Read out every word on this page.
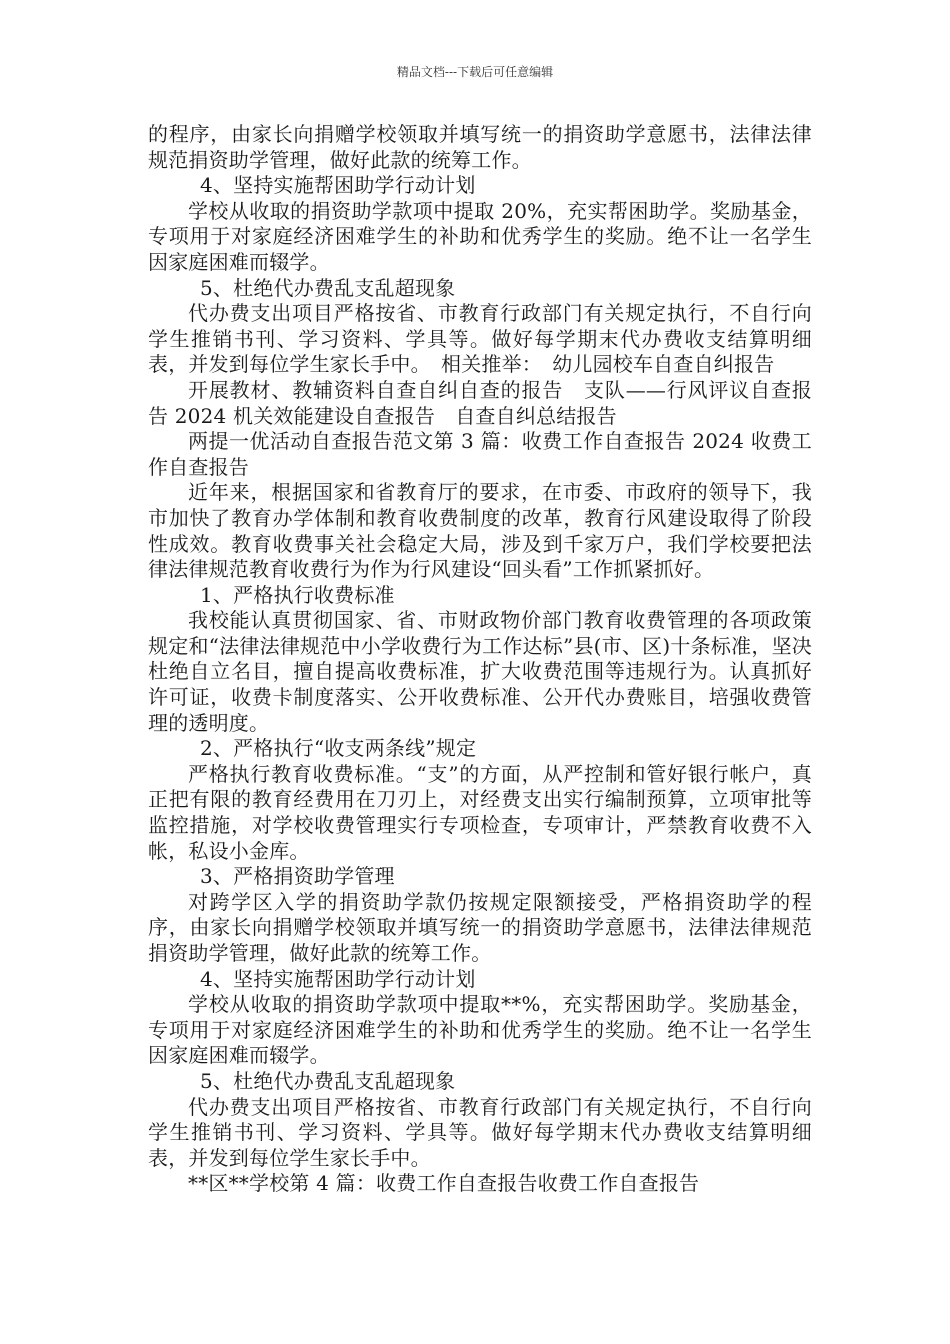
精品文档---下载后可任意编辑

的程序，由家长向捐赠学校领取并填写统一的捐资助学意愿书，法律法律规范捐资助学管理，做好此款的统筹工作。

4、坚持实施帮困助学行动计划

学校从收取的捐资助学款项中提取 20%，充实帮困助学。奖励基金，专项用于对家庭经济困难学生的补助和优秀学生的奖励。绝不让一名学生因家庭困难而辍学。

5、杜绝代办费乱支乱超现象

代办费支出项目严格按省、市教育行政部门有关规定执行，不自行向学生推销书刊、学习资料、学具等。做好每学期末代办费收支结算明细表，并发到每位学生家长手中。　相关推举：　幼儿园校车自查自纠报告

开展教材、教辅资料自查自纠自查的报告　支队——行风评议自查报告 2024 机关效能建设自查报告　自查自纠总结报告

两提一优活动自查报告范文第 3 篇：收费工作自查报告 2024 收费工作自查报告

近年来，根据国家和省教育厅的要求，在市委、市政府的领导下，我市加快了教育办学体制和教育收费制度的改革，教育行风建设取得了阶段性成效。教育收费事关社会稳定大局，涉及到千家万户，我们学校要把法律法律规范教育收费行为作为行风建设“回头看”工作抓紧抓好。

1、严格执行收费标准

我校能认真贯彻国家、省、市财政物价部门教育收费管理的各项政策规定和“法律法律规范中小学收费行为工作达标”县(市、区)十条标准，坚决杜绝自立名目，擅自提高收费标准，扩大收费范围等违规行为。认真抓好许可证，收费卡制度落实、公开收费标准、公开代办费账目，培强收费管理的透明度。

2、严格执行“收支两条线”规定

严格执行教育收费标准。“支”的方面，从严控制和管好银行帐户，真正把有限的教育经费用在刀刃上，对经费支出实行编制预算，立项审批等监控措施，对学校收费管理实行专项检查，专项审计，严禁教育收费不入帐，私设小金库。

3、严格捐资助学管理

对跨学区入学的捐资助学款仍按规定限额接受，严格捐资助学的程序，由家长向捐赠学校领取并填写统一的捐资助学意愿书，法律法律规范捐资助学管理，做好此款的统筹工作。

4、坚持实施帮困助学行动计划

学校从收取的捐资助学款项中提取**%，充实帮困助学。奖励基金，专项用于对家庭经济困难学生的补助和优秀学生的奖励。绝不让一名学生因家庭困难而辍学。

5、杜绝代办费乱支乱超现象

代办费支出项目严格按省、市教育行政部门有关规定执行，不自行向学生推销书刊、学习资料、学具等。做好每学期末代办费收支结算明细表，并发到每位学生家长手中。

**区**学校第 4 篇：收费工作自查报告收费工作自查报告
